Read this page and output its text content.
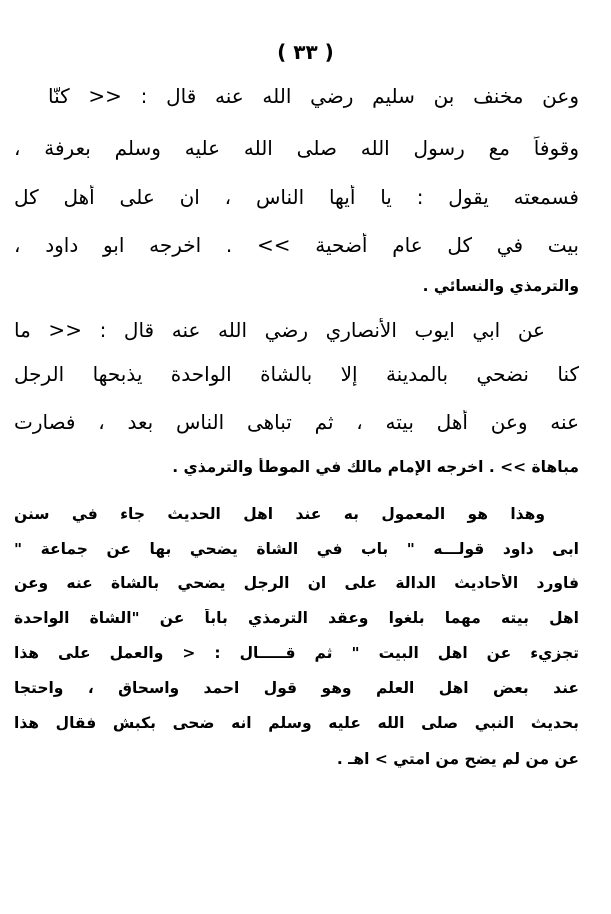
( ٣٣ )
وعن مخنف بن سليم رضي الله عنه قال : << كنّا
وقوفاً مع رسول الله صلى الله عليه وسلم بعرفة ،
فسمعته يقول : يا أيها الناس ، ان على أهل كل
بيت في كل عام أضحية >> . اخرجه ابو داود ،
والترمذي والنسائي .
عن ابي ايوب الأنصاري رضي الله عنه قال : << ما
كنا نضحي بالمدينة إلا بالشاة الواحدة يذبحها الرجل
عنه وعن أهل بيته ، ثم تباهى الناس بعد ، فصارت
مباهاة >> . اخرجه الإمام مالك في الموطأ والترمذي .
وهذا هو المعمول به عند اهل الحديث جاء في سنن
ابى داود قولـــه " باب في الشاة يضحي بها عن جماعة "
فاورد الأحاديث الدالة على ان الرجل يضحي بالشاة عنه وعن
اهل بيته مهما بلغوا وعقد الترمذي باباً عن "الشاة الواحدة
تجزيء عن اهل البيت " ثم قـــــال : < والعمل على هذا
عند بعض اهل العلم وهو قول احمد واسحاق ، واحتجا
بحديث النبي صلى الله عليه وسلم انه ضحى بكبش فقال هذا
عن من لم يضح من امتي > اهـ .
